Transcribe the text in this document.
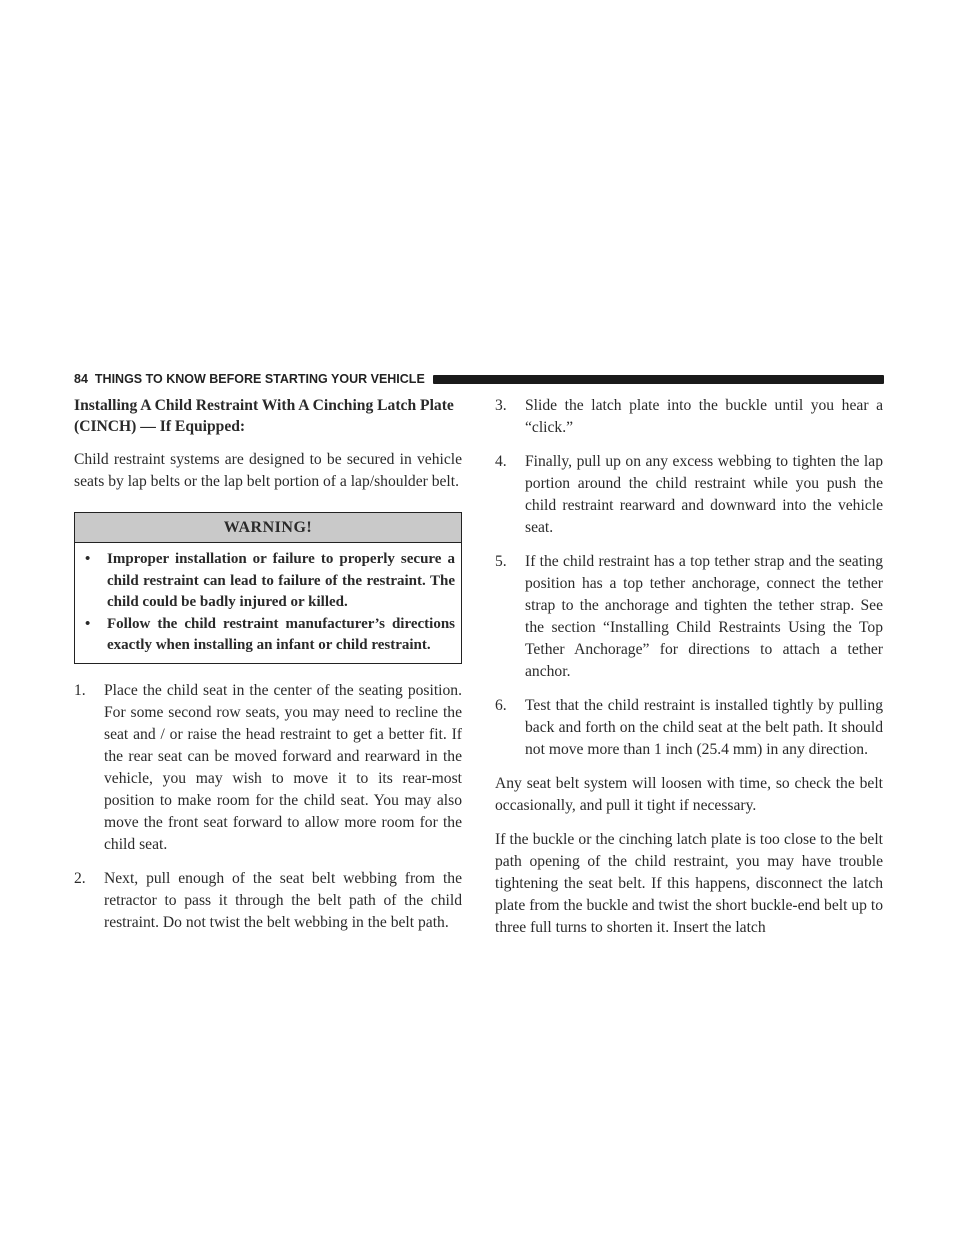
84 THINGS TO KNOW BEFORE STARTING YOUR VEHICLE
Installing A Child Restraint With A Cinching Latch Plate (CINCH) — If Equipped:

Child restraint systems are designed to be secured in vehicle seats by lap belts or the lap belt portion of a lap/shoulder belt.

WARNING!
• Improper installation or failure to properly secure a child restraint can lead to failure of the restraint. The child could be badly injured or killed.
• Follow the child restraint manufacturer’s directions exactly when installing an infant or child restraint.
1. Place the child seat in the center of the seating position. For some second row seats, you may need to recline the seat and / or raise the head restraint to get a better fit. If the rear seat can be moved forward and rearward in the vehicle, you may wish to move it to its rear-most position to make room for the child seat. You may also move the front seat forward to allow more room for the child seat.
2. Next, pull enough of the seat belt webbing from the retractor to pass it through the belt path of the child restraint. Do not twist the belt webbing in the belt path.
3. Slide the latch plate into the buckle until you hear a “click.”
4. Finally, pull up on any excess webbing to tighten the lap portion around the child restraint while you push the child restraint rearward and downward into the vehicle seat.
5. If the child restraint has a top tether strap and the seating position has a top tether anchorage, connect the tether strap to the anchorage and tighten the tether strap. See the section “Installing Child Restraints Using the Top Tether Anchorage” for directions to attach a tether anchor.
6. Test that the child restraint is installed tightly by pulling back and forth on the child seat at the belt path. It should not move more than 1 inch (25.4 mm) in any direction.

Any seat belt system will loosen with time, so check the belt occasionally, and pull it tight if necessary.

If the buckle or the cinching latch plate is too close to the belt path opening of the child restraint, you may have trouble tightening the seat belt. If this happens, disconnect the latch plate from the buckle and twist the short buckle-end belt up to three full turns to shorten it. Insert the latch
